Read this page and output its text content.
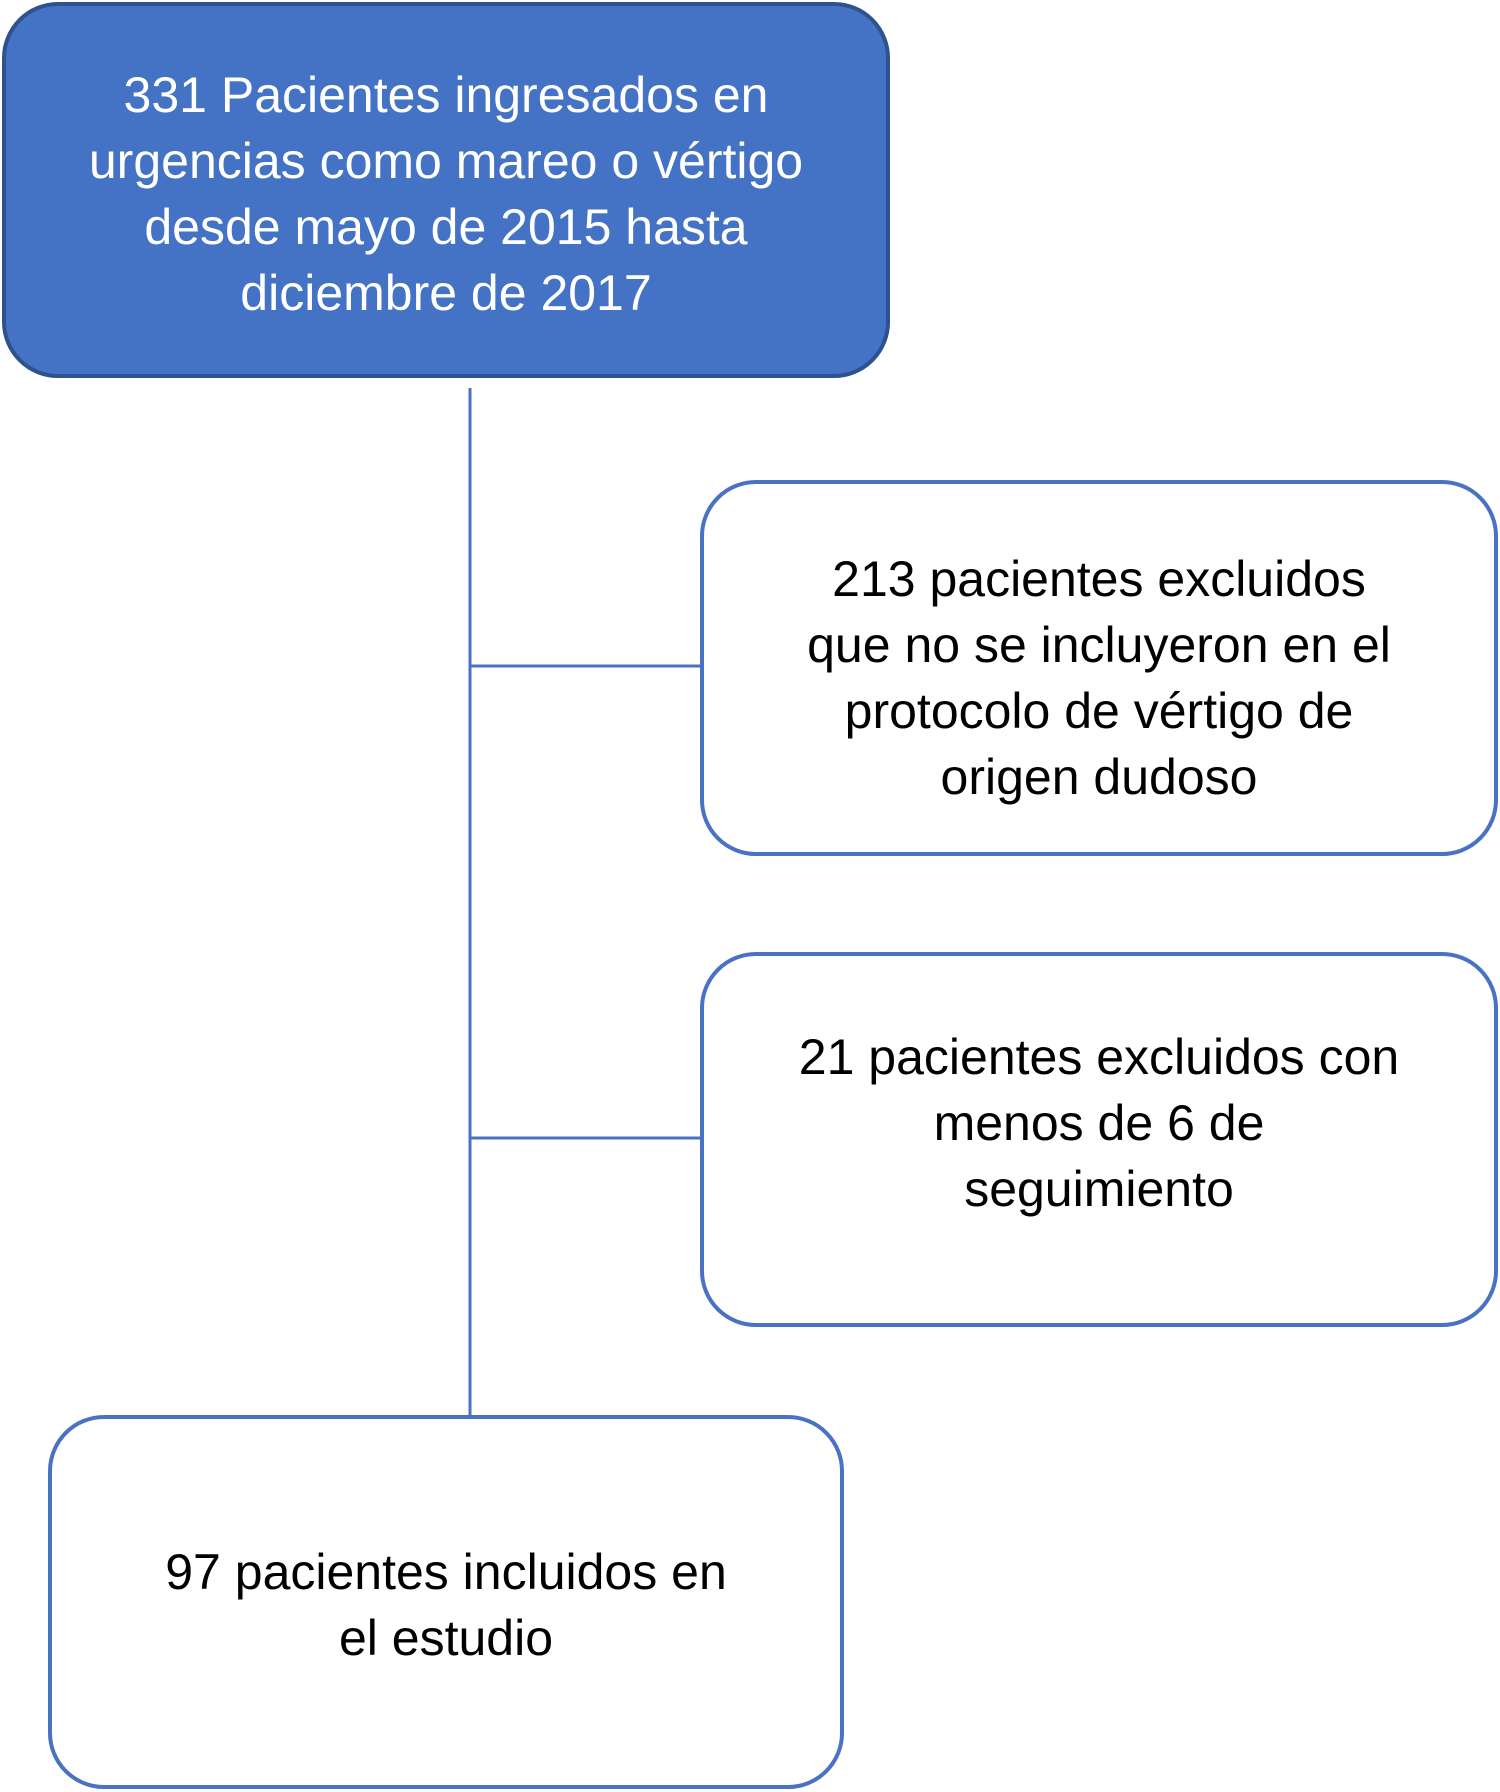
331 Pacientes ingresados en
urgencias como mareo o vértigo
desde mayo de 2015 hasta
diciembre de 2017
213 pacientes excluidos
que no se incluyeron en el
protocolo de vértigo de
origen dudoso
21 pacientes excluidos con
menos de 6 de
seguimiento
97 pacientes incluidos en
el estudio
